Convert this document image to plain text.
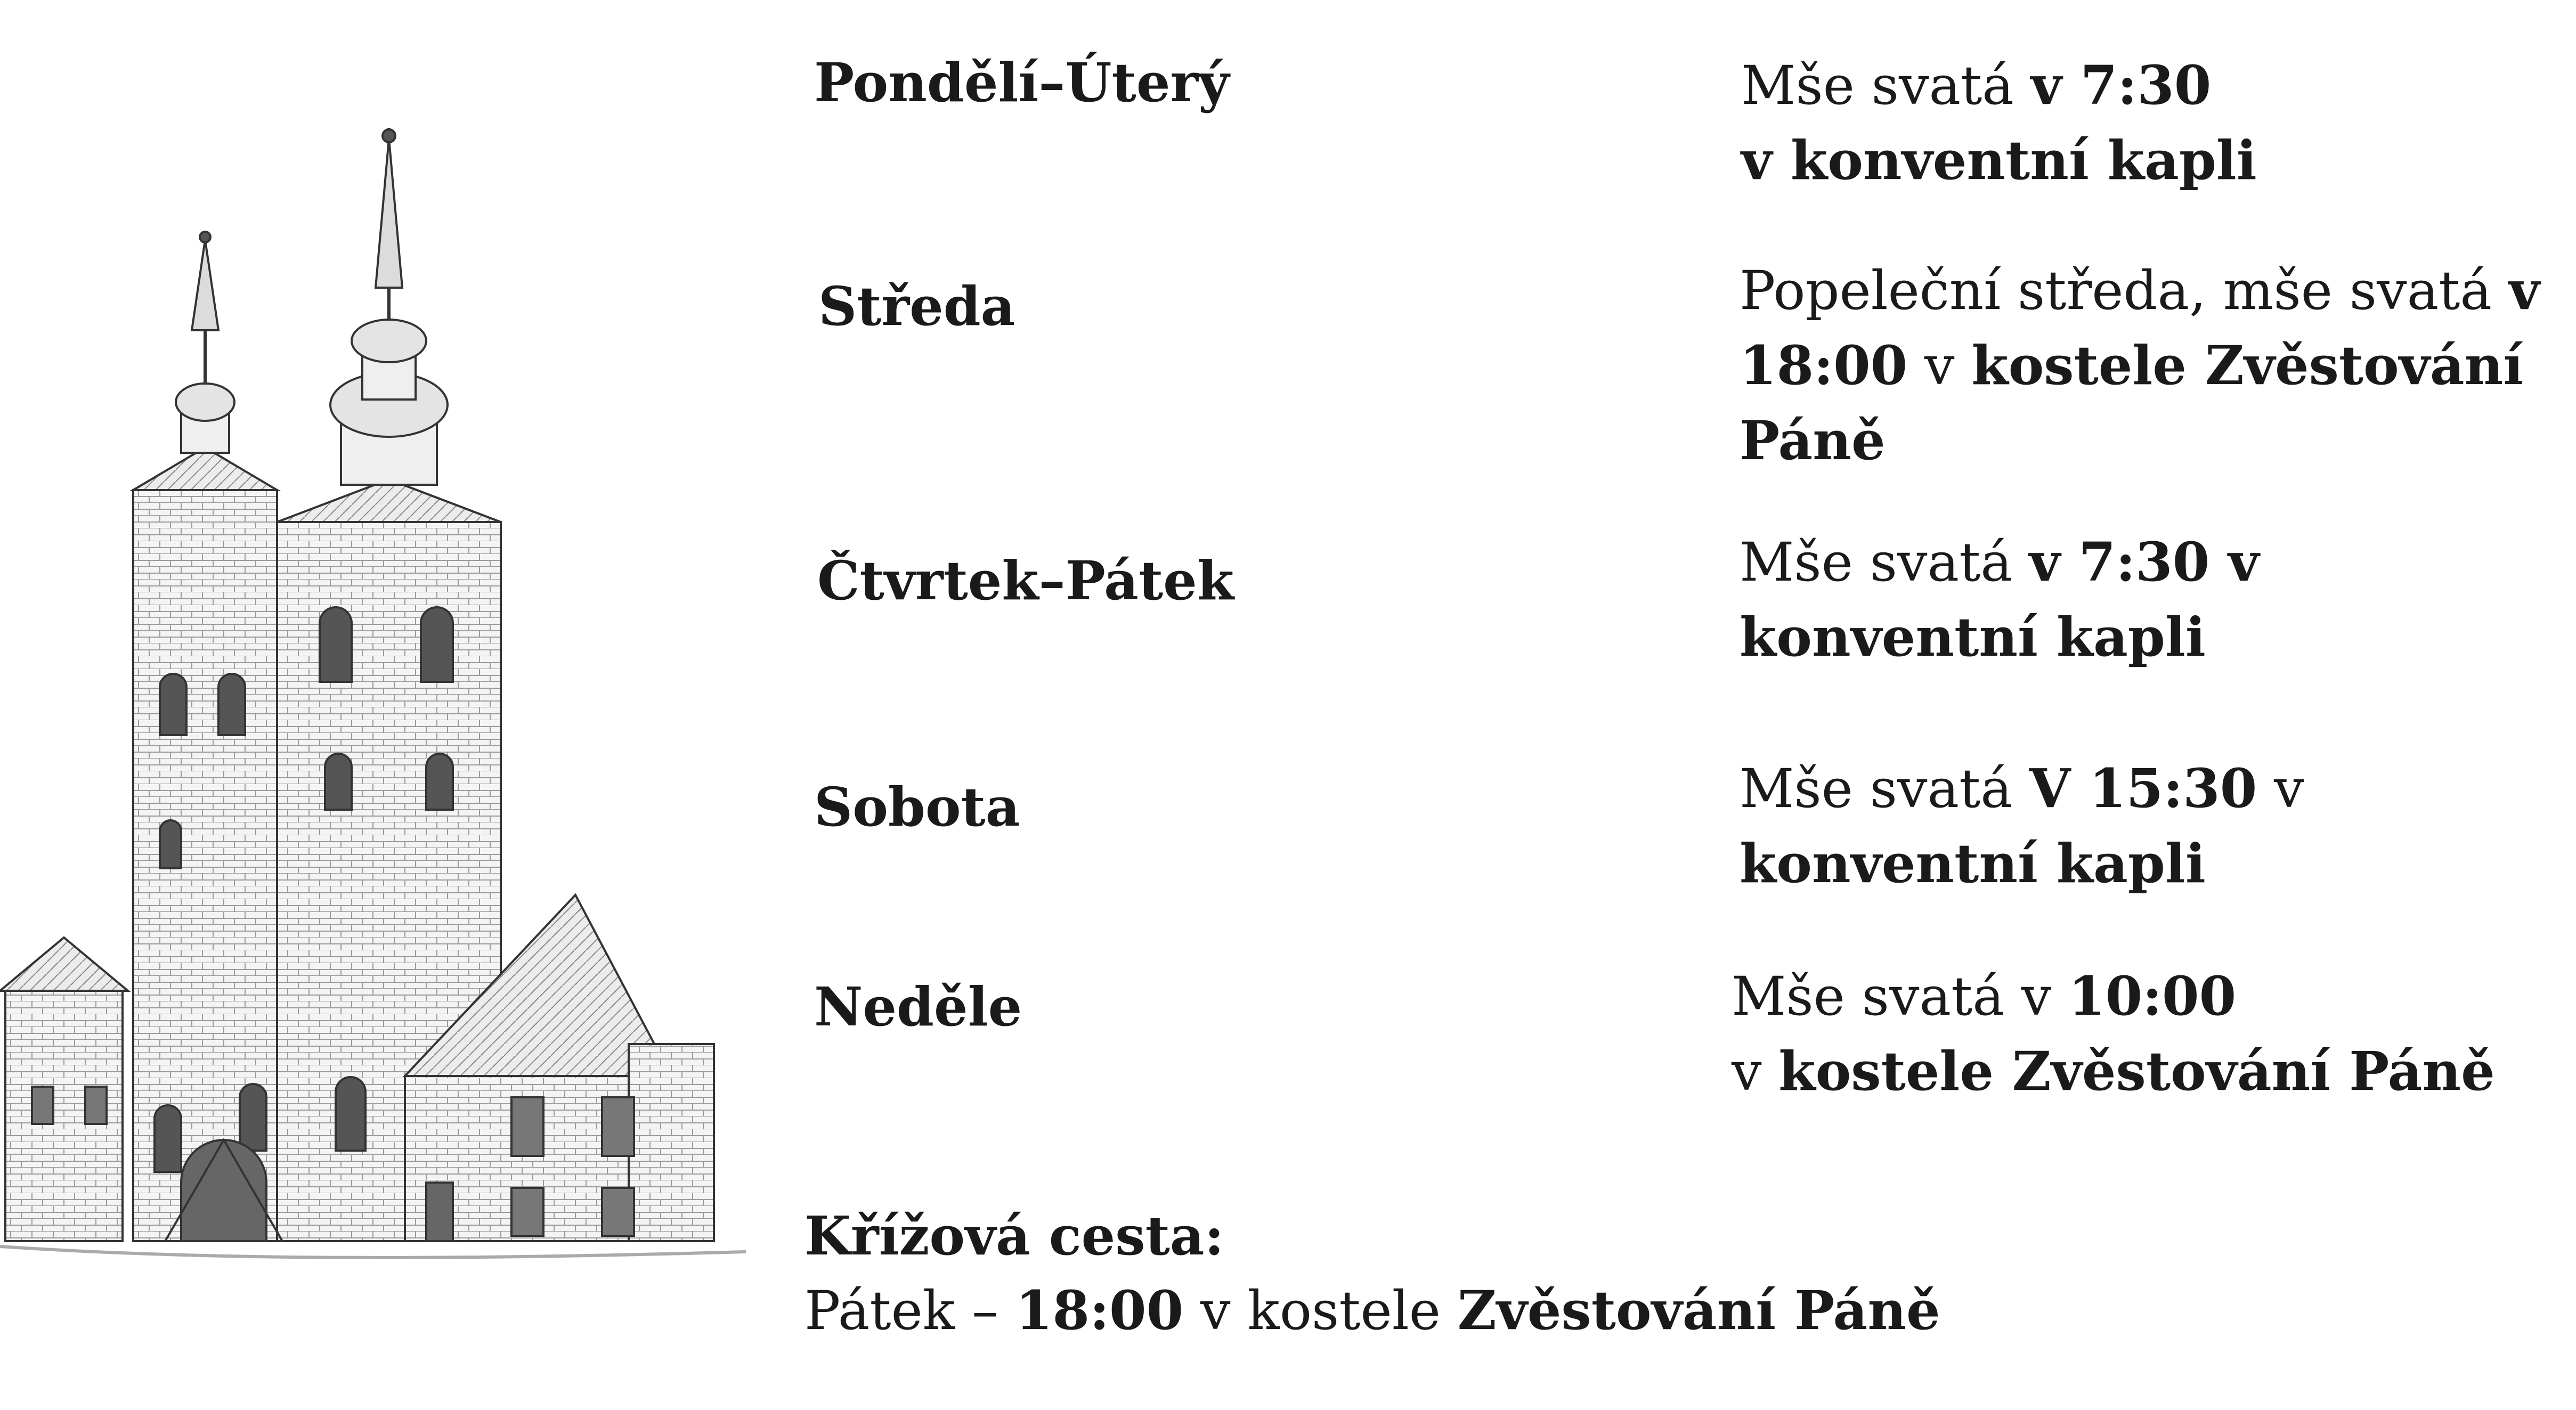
Pondělí–Úterý	Mše svatá v 7:30
v konventní kapli
Středa	Popeleční středa, mše svatá v
18:00 v kostele Zvěstování
Páně
Čtvrtek–Pátek	Mše svatá v 7:30 v
konventní kapli
Sobota	Mše svatá V 15:30 v
konventní kapli
Neděle	Mše svatá v 10:00
v kostele Zvěstování Páně
Křížová cesta:
Pátek – 18:00 v kostele Zvěstování Páně
